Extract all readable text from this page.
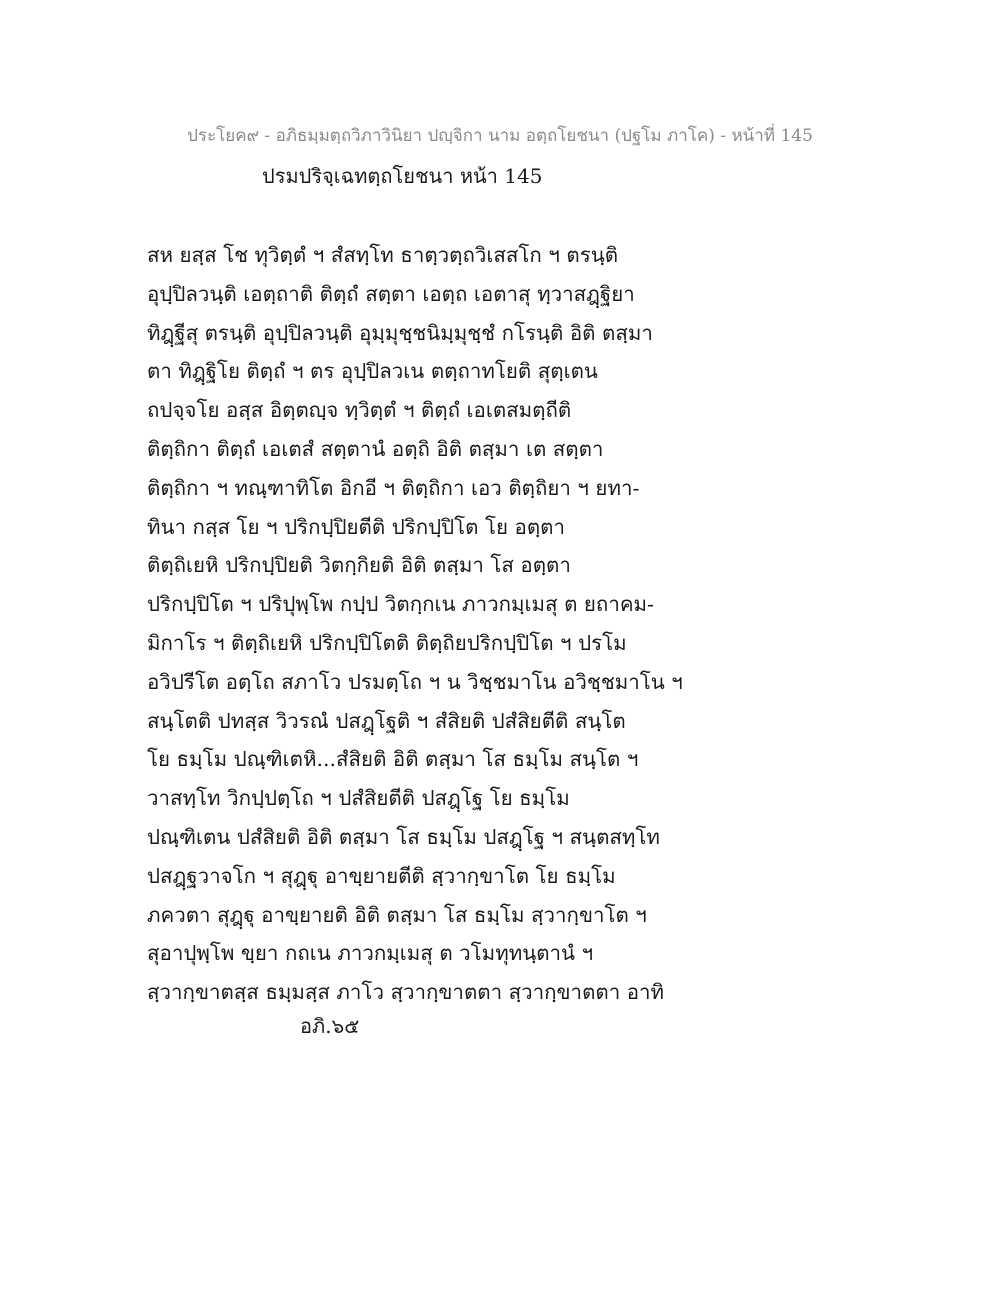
ประโยค๙ - อภิธมฺมตฺถวิภาวินิยา ปญฺจิกา นาม อตฺถโยชนา (ปฐโม ภาโค) - หน้าที่ 145
ปรมปริจฺเฉทตฺถโยชนา หน้า 145
สห ยสฺส โช ทุวิตฺตํ ฯ สํสทฺโท ธาตฺวตฺถวิเสสโก ฯ ตรนฺติ
อุปฺปิลวนฺติ เอตฺถาติ ติตฺถํ สตฺตา เอตฺถ เอตาสุ ทฺวาสฎฺฐิยา
ทิฎฺฐีสุ ตรนฺติ อุปฺปิลวนฺติ อุมฺมุชฺชนิมฺมุชฺชํ กโรนฺติ อิติ ตสฺมา
ตา ทิฎฺฐิโย ติตฺถํ ฯ ตร อุปฺปิลวเน ตตฺถาทโยติ สุตฺเตน
ถปจฺจโย อสฺส อิตฺตญฺจ ทฺวิตฺตํ ฯ ติตฺถํ เอเตสมตฺถีติ
ติตฺถิกา ติตฺถํ เอเตสํ สตฺตานํ อตฺถิ อิติ ตสฺมา เต สตฺตา
ติตฺถิกา ฯ ทณฺฑาทิโต อิกอี ฯ ติตฺถิกา เอว ติตฺถิยา ฯ ยทา-
ทินา กสฺส โย ฯ ปริกปฺปิยตีติ ปริกปฺปิโต โย อตฺตา
ติตฺถิเยหิ ปริกปฺปิยติ วิตกฺกิยติ อิติ ตสฺมา โส อตฺตา
ปริกปฺปิโต ฯ ปริปุพฺโพ กปฺป วิตกฺกเน ภาวกมฺเมสุ ต ยถาคม-
มิกาโร ฯ ติตฺถิเยหิ ปริกปฺปิโตติ ติตฺถิยปริกปฺปิโต ฯ ปรโม
อวิปรีโต อตฺโถ สภาโว ปรมตฺโถ ฯ น วิชฺชมาโน อวิชฺชมาโน ฯ
สนฺโตติ ปทสฺส วิวรณํ ปสฎฺโฐติ ฯ สํสิยติ ปสํสิยตีติ สนฺโต
โย ธมฺโม ปณฺฑิเตหิ...สํสิยติ อิติ ตสฺมา โส ธมฺโม สนฺโต ฯ
วาสทฺโท วิกปฺปตฺโถ ฯ ปสํสิยตีติ ปสฎฺโฐ โย ธมฺโม
ปณฺฑิเตน ปสํสิยติ อิติ ตสฺมา โส ธมฺโม ปสฎฺโฐ ฯ สนฺตสทฺโท
ปสฎฺฐวาจโก ฯ สุฎฺฐุ อาขฺยายตีติ สฺวากฺขาโต โย ธมฺโม
ภควตา สุฎฺฐุ อาขฺยายติ อิติ ตสฺมา โส ธมฺโม สฺวากฺขาโต ฯ
สุอาปุพฺโพ ขฺยา กถเน ภาวกมฺเมสุ ต วโมทุทนฺตานํ ฯ
สฺวากฺขาตสฺส ธมฺมสฺส ภาโว สฺวากฺขาตตา สฺวากฺขาตตา อาทิ
อภิ.๖๕
